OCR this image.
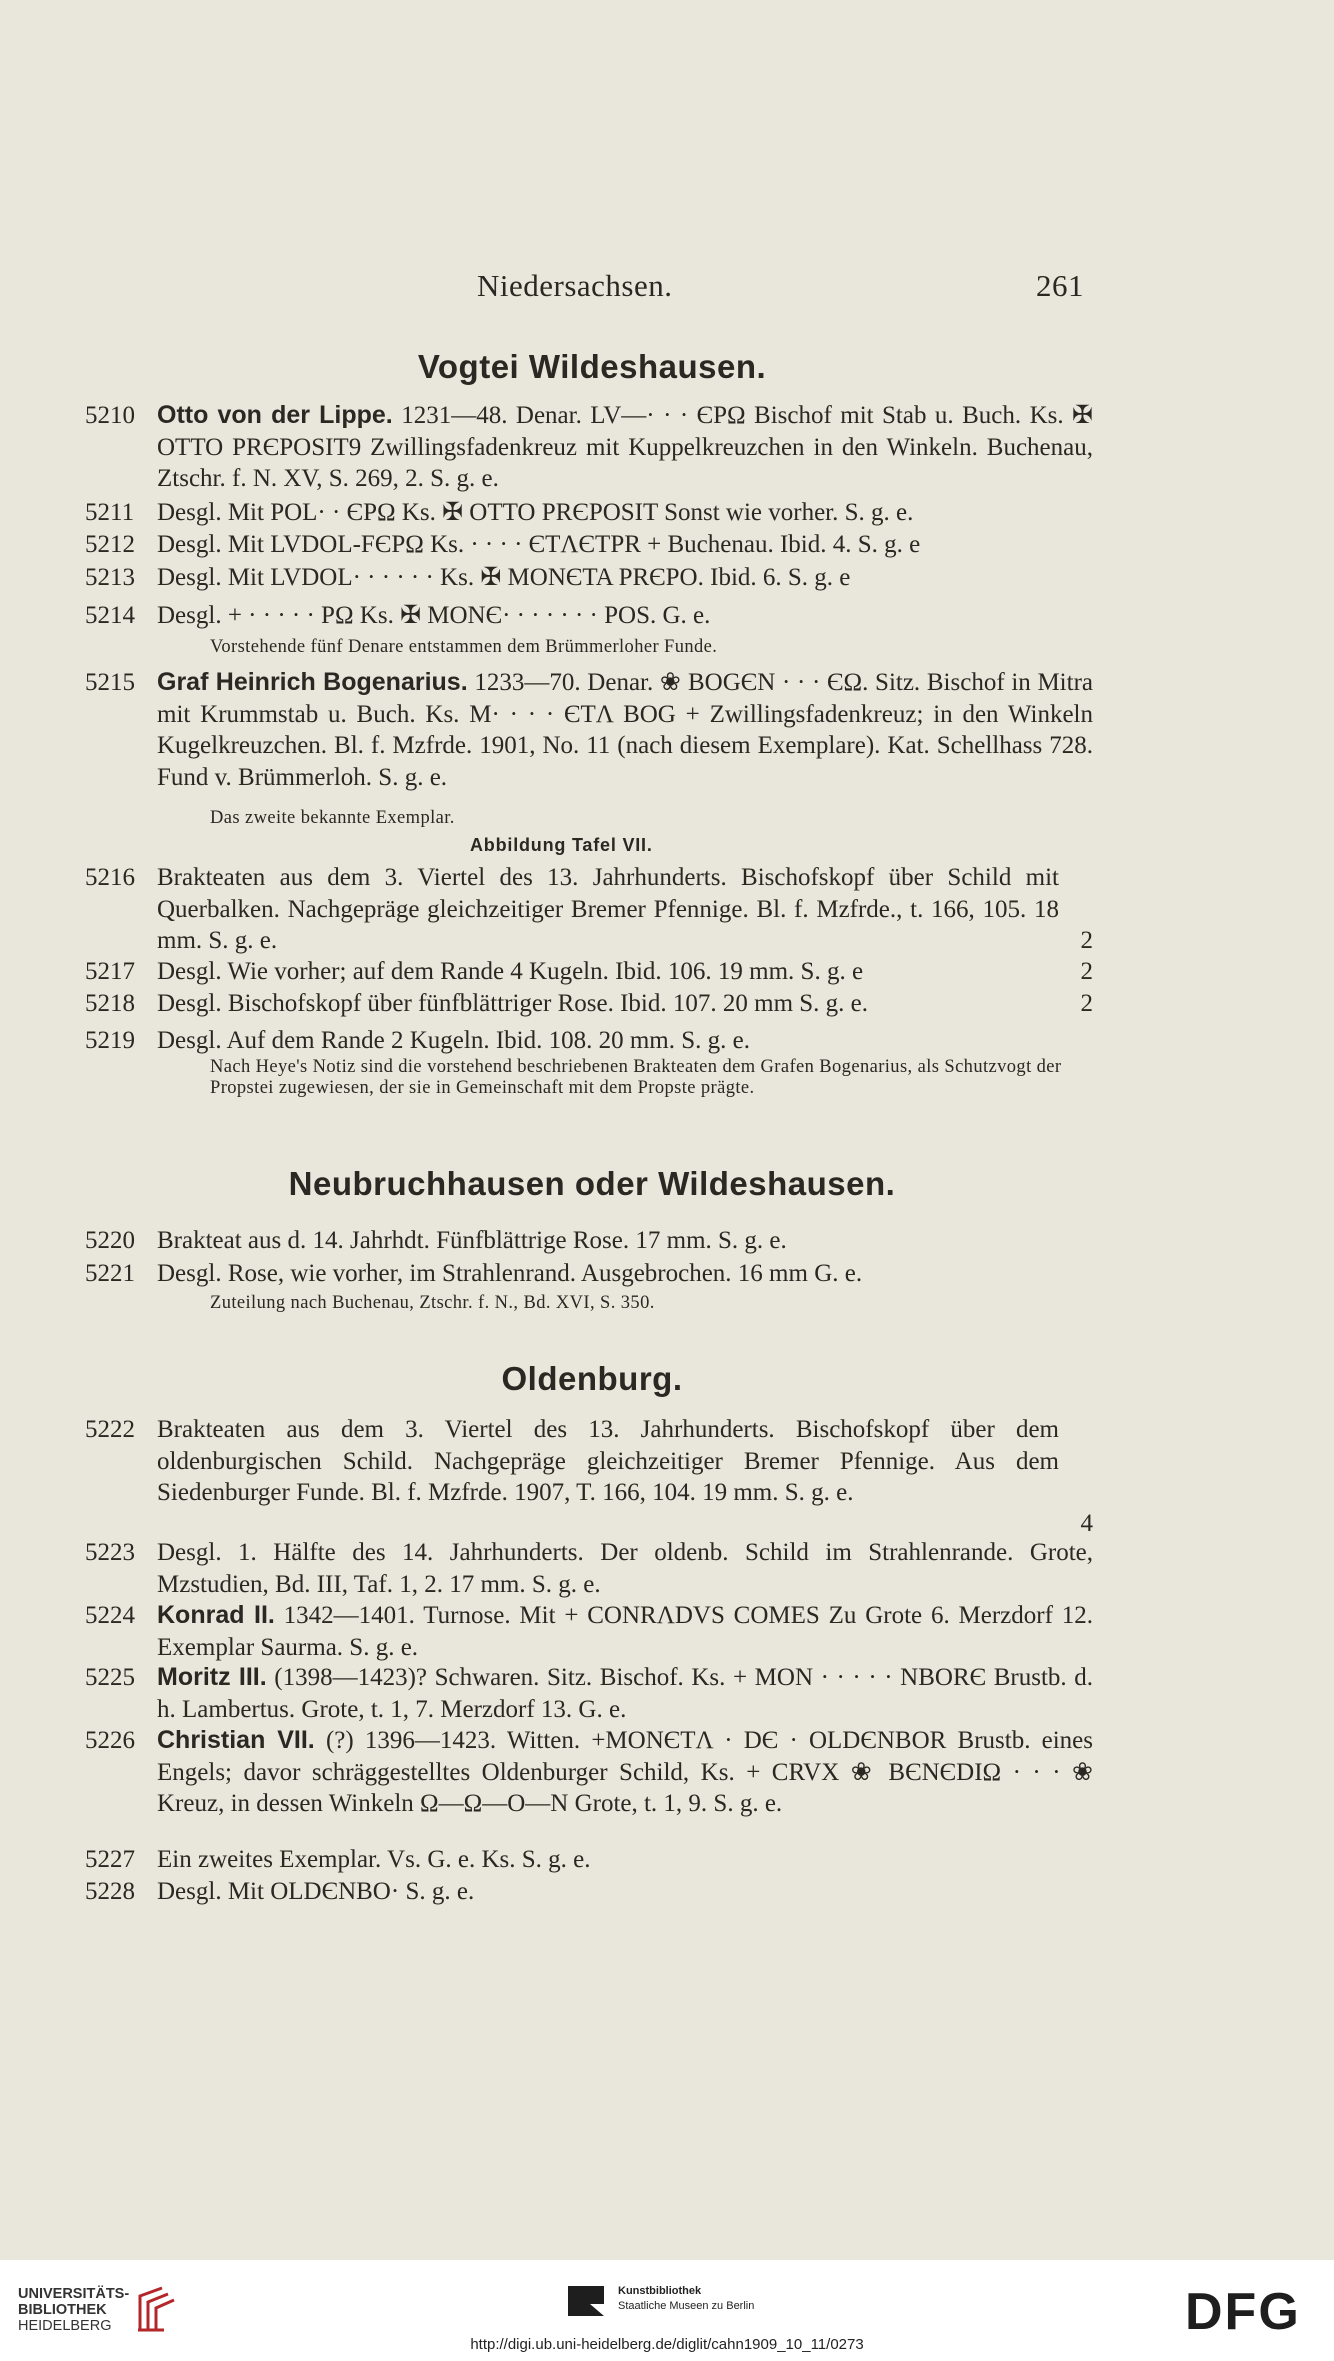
Niedersachsen.	261
Vogtei Wildeshausen.
5210 Otto von der Lippe. 1231—48. Denar. LV—· · · ЄPΩ Bischof mit Stab u. Buch. Ks. ✠ OTTO PRЄPOSIT9 Zwillingsfadenkreuz mit Kuppelkreuzchen in den Winkeln. Buchenau, Ztschr. f. N. XV, S. 269, 2. S. g. e.
5211 Desgl. Mit POL· · ЄPΩ Ks. ✠ OTTO PRЄPOSIT Sonst wie vorher. S. g. e.
5212 Desgl. Mit LVDOL-FЄPΩ Ks. · · · · ЄTΛЄTPR + Buchenau. Ibid. 4. S. g. e
5213 Desgl. Mit LVDOL· · · · · · Ks. ✠ MONЄTA PRЄPO. Ibid. 6. S. g. e
5214 Desgl. + · · · · · PΩ Ks. ✠ MONЄ· · · · · · · POS. G. e.
Vorstehende fünf Denare entstammen dem Brümmerloher Funde.
5215 Graf Heinrich Bogenarius. 1233—70. Denar. ❀ BOGЄN · · · ЄΩ. Sitz. Bischof in Mitra mit Krummstab u. Buch. Ks. M· · · · ЄTΛ BOG + Zwillingsfadenkreuz; in den Winkeln Kugelkreuzchen. Bl. f. Mzfrde. 1901, No. 11 (nach diesem Exemplare). Kat. Schellhass 728. Fund v. Brümmerloh. S. g. e.
Das zweite bekannte Exemplar.
Abbildung Tafel VII.
5216 Brakteaten aus dem 3. Viertel des 13. Jahrhunderts. Bischofskopf über Schild mit Querbalken. Nachgepräge gleichzeitiger Bremer Pfennige. Bl. f. Mzfrde., t. 166, 105. 18 mm. S. g. e.	2
5217 Desgl. Wie vorher; auf dem Rande 4 Kugeln. Ibid. 106. 19 mm. S. g. e	2
5218 Desgl. Bischofskopf über fünfblättriger Rose. Ibid. 107. 20 mm S. g. e.	2
5219 Desgl. Auf dem Rande 2 Kugeln. Ibid. 108. 20 mm. S. g. e.
Nach Heye's Notiz sind die vorstehend beschriebenen Brakteaten dem Grafen Bogenarius, als Schutzvogt der Propstei zugewiesen, der sie in Gemeinschaft mit dem Propste prägte.
Neubruchhausen oder Wildeshausen.
5220 Brakteat aus d. 14. Jahrhdt. Fünfblättrige Rose. 17 mm. S. g. e.
5221 Desgl. Rose, wie vorher, im Strahlenrand. Ausgebrochen. 16 mm G. e.
Zuteilung nach Buchenau, Ztschr. f. N., Bd. XVI, S. 350.
Oldenburg.
5222 Brakteaten aus dem 3. Viertel des 13. Jahrhunderts. Bischofskopf über dem oldenburgischen Schild. Nachgepräge gleichzeitiger Bremer Pfennige. Aus dem Siedenburger Funde. Bl. f. Mzfrde. 1907, T. 166, 104. 19 mm. S. g. e.
4
5223 Desgl. 1. Hälfte des 14. Jahrhunderts. Der oldenb. Schild im Strahlenrande. Grote, Mzstudien, Bd. III, Taf. 1, 2. 17 mm. S. g. e.
5224 Konrad II. 1342—1401. Turnose. Mit + CONRΛDVS COMES Zu Grote 6. Merzdorf 12. Exemplar Saurma. S. g. e.
5225 Moritz III. (1398—1423)? Schwaren. Sitz. Bischof. Ks. + MON · · · · · NBORЄ Brustb. d. h. Lambertus. Grote, t. 1, 7. Merzdorf 13. G. e.
5226 Christian VII. (?) 1396—1423. Witten. +MONЄTΛ · DЄ · OLDЄNBOR Brustb. eines Engels; davor schräggestelltes Oldenburger Schild, Ks. + CRVX ❀ BЄNЄDIΩ · · · ❀ Kreuz, in dessen Winkeln Ω—Ω—O—N Grote, t. 1, 9. S. g. e.
5227 Ein zweites Exemplar. Vs. G. e. Ks. S. g. e.
5228 Desgl. Mit OLDЄNBO· S. g. e.
UNIVERSITÄTS-
BIBLIOTHEK
HEIDELBERG
Kunstbibliothek
Staatliche Museen zu Berlin	DFG
http://digi.ub.uni-heidelberg.de/diglit/cahn1909_10_11/0273
